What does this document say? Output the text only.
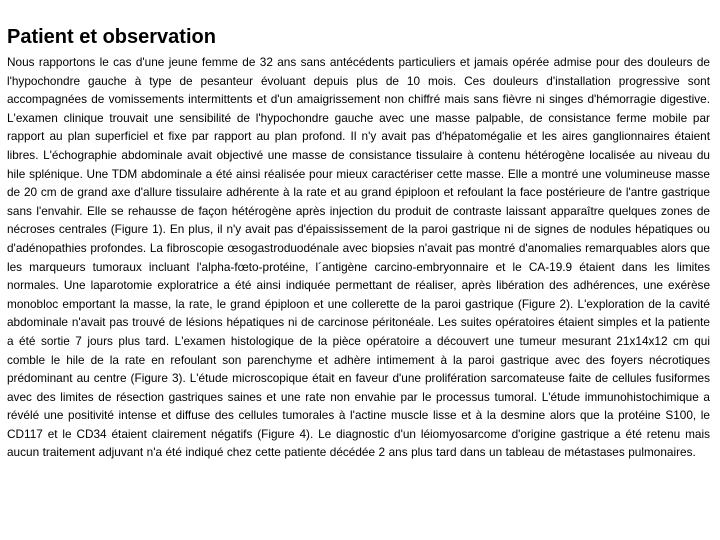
Patient et observation

Nous rapportons le cas d'une jeune femme de 32 ans sans antécédents particuliers et jamais opérée admise pour des douleurs de l'hypochondre gauche à type de pesanteur évoluant depuis plus de 10 mois. Ces douleurs d'installation progressive sont accompagnées de vomissements intermittents et d'un amaigrissement non chiffré mais sans fièvre ni singes d'hémorragie digestive. L'examen clinique trouvait une sensibilité de l'hypochondre gauche avec une masse palpable, de consistance ferme mobile par rapport au plan superficiel et fixe par rapport au plan profond. Il n'y avait pas d'hépatomégalie et les aires ganglionnaires étaient libres. L'échographie abdominale avait objectivé une masse de consistance tissulaire à contenu hétérogène localisée au niveau du hile splénique. Une TDM abdominale a été ainsi réalisée pour mieux caractériser cette masse. Elle a montré une volumineuse masse de 20 cm de grand axe d'allure tissulaire adhérente à la rate et au grand épiploon et refoulant la face postérieure de l'antre gastrique sans l'envahir. Elle se rehausse de façon hétérogène après injection du produit de contraste laissant apparaître quelques zones de nécroses centrales (Figure 1). En plus, il n'y avait pas d'épaississement de la paroi gastrique ni de signes de nodules hépatiques ou d'adénopathies profondes. La fibroscopie œsogastroduodénale avec biopsies n'avait pas montré d'anomalies remarquables alors que les marqueurs tumoraux incluant l'alpha-fœto-protéine, l´antigène carcino-embryonnaire et le CA-19.9 étaient dans les limites normales. Une laparotomie exploratrice a été ainsi indiquée permettant de réaliser, après libération des adhérences, une exérèse monobloc emportant la masse, la rate, le grand épiploon et une collerette de la paroi gastrique (Figure 2). L'exploration de la cavité abdominale n'avait pas trouvé de lésions hépatiques ni de carcinose péritonéale. Les suites opératoires étaient simples et la patiente a été sortie 7 jours plus tard. L'examen histologique de la pièce opératoire a découvert une tumeur mesurant 21x14x12 cm qui comble le hile de la rate en refoulant son parenchyme et adhère intimement à la paroi gastrique avec des foyers nécrotiques prédominant au centre (Figure 3). L'étude microscopique était en faveur d'une prolifération sarcomateuse faite de cellules fusiformes avec des limites de résection gastriques saines et une rate non envahie par le processus tumoral. L'étude immunohistochimique a révélé une positivité intense et diffuse des cellules tumorales à l'actine muscle lisse et à la desmine alors que la protéine S100, le CD117 et le CD34 étaient clairement négatifs (Figure 4). Le diagnostic d'un léiomyosarcome d'origine gastrique a été retenu mais aucun traitement adjuvant n'a été indiqué chez cette patiente décédée 2 ans plus tard dans un tableau de métastases pulmonaires.
